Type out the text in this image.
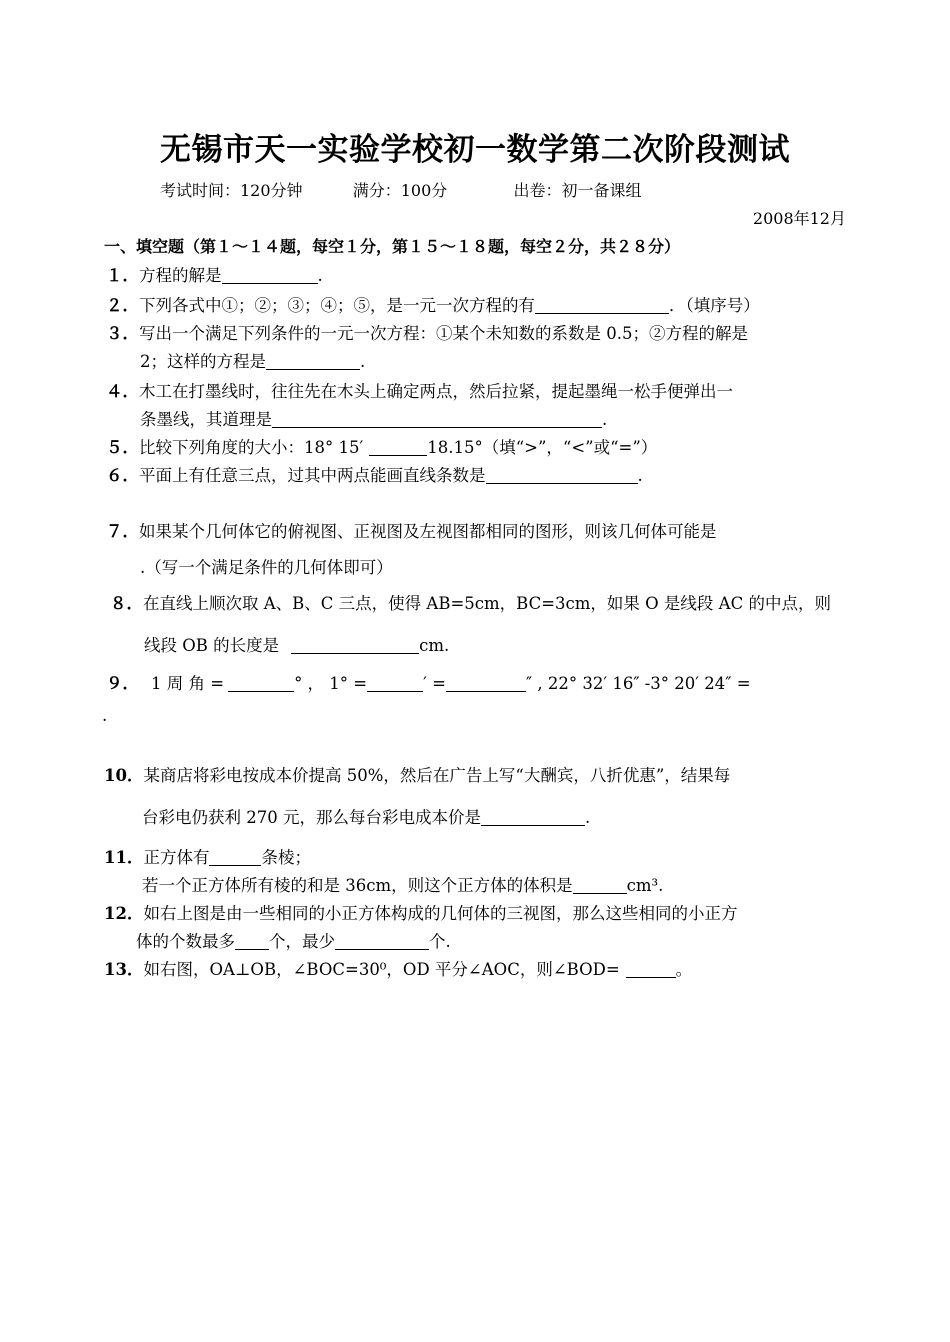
无锡市天一实验学校初一数学第二次阶段测试
考试时间：120分钟	满分：100分	出卷：初一备课组
2008年12月
一、填空题（第１～１４题，每空１分，第１５～１８题，每空２分，共２８分）
１．方程的解是	.
２．下列各式中①；②；③；④；⑤，是一元一次方程的有	．（填序号）
３．写出一个满足下列条件的一元一次方程：①某个未知数的系数是 0.5；②方程的解是
2；这样的方程是	.
４．木工在打墨线时，往往先在木头上确定两点，然后拉紧，提起墨绳一松手便弹出一
条墨线，其道理是	.
５．比较下列角度的大小：18° 15′	18.15°（填“>”，“<”或“=”）
６．平面上有任意三点，过其中两点能画直线条数是	.
７．如果某个几何体它的俯视图、正视图及左视图都相同的图形，则该几何体可能是
.（写一个满足条件的几何体即可）
８．在直线上顺次取 A、B、C 三点，使得 AB=5cm，BC=3cm，如果 O 是线段 AC 的中点，则
线段 OB 的长度是	cm.
９． 1 周 角 =	° ， 1° =	′ =	″ , 22° 32′ 16″ -3° 20′ 24″ =
.
10．某商店将彩电按成本价提高 50%，然后在广告上写“大酬宾，八折优惠”，结果每
台彩电仍获利 270 元，那么每台彩电成本价是	.
11．正方体有	条棱；
若一个正方体所有棱的和是 36cm，则这个正方体的体积是	cm³.
12．如右上图是由一些相同的小正方体构成的几何体的三视图，那么这些相同的小正方
体的个数最多 个，最少	个.
13．如右图，OA⊥OB，∠BOC=30⁰，OD 平分∠AOC，则∠BOD=	。
